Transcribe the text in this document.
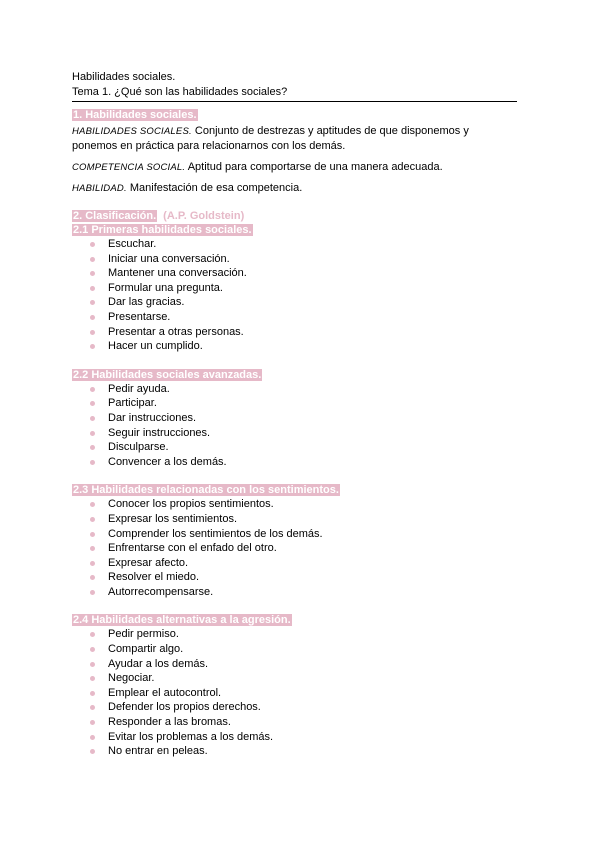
Habilidades sociales.

Tema 1. ¿Qué son las habilidades sociales?

1. Habilidades sociales.

HABILIDADES SOCIALES. Conjunto de destrezas y aptitudes de que disponemos y ponemos en práctica para relacionarnos con los demás.

COMPETENCIA SOCIAL. Aptitud para comportarse de una manera adecuada.

HABILIDAD. Manifestación de esa competencia.

2. Clasificación. (A.P. Goldstein)
2.1 Primeras habilidades sociales.
Escuchar.
Iniciar una conversación.
Mantener una conversación.
Formular una pregunta.
Dar las gracias.
Presentarse.
Presentar a otras personas.
Hacer un cumplido.
2.2 Habilidades sociales avanzadas.
Pedir ayuda.
Participar.
Dar instrucciones.
Seguir instrucciones.
Disculparse.
Convencer a los demás.
2.3 Habilidades relacionadas con los sentimientos.
Conocer los propios sentimientos.
Expresar los sentimientos.
Comprender los sentimientos de los demás.
Enfrentarse con el enfado del otro.
Expresar afecto.
Resolver el miedo.
Autorrecompensarse.
2.4 Habilidades alternativas a la agresión.
Pedir permiso.
Compartir algo.
Ayudar a los demás.
Negociar.
Emplear el autocontrol.
Defender los propios derechos.
Responder a las bromas.
Evitar los problemas a los demás.
No entrar en peleas.
